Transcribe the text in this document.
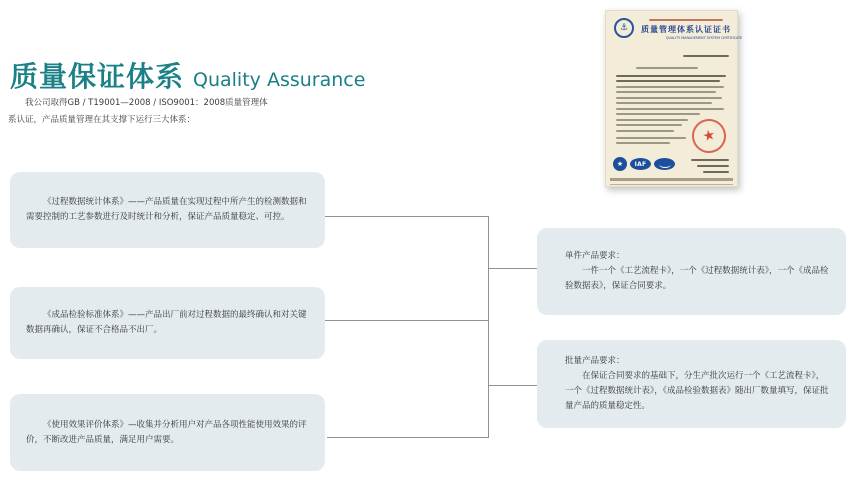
质量保证体系 Quality Assurance

我公司取得GB / T19001—2008 / ISO9001：2008质量管理体系认证，产品质量管理在其支撑下运行三大体系：

⚓	质量管理体系认证证书
QUALITY MANAGEMENT SYSTEM CERTIFICATE
★
★	IAF

《过程数据统计体系》——产品质量在实现过程中所产生的检测数据和需要控制的工艺参数进行及时统计和分析，保证产品质量稳定、可控。

《成品检验标准体系》——产品出厂前对过程数据的最终确认和对关键数据再确认，保证不合格品不出厂。

《使用效果评价体系》—收集并分析用户对产品各项性能使用效果的评价，不断改进产品质量，满足用户需要。

单件产品要求：

一件一个《工艺流程卡》，一个《过程数据统计表》，一个《成品检验数据表》，保证合同要求。

批量产品要求：

在保证合同要求的基础下，分生产批次运行一个《工艺流程卡》， 一个《过程数据统计表》，《成品检验数据表》随出厂数量填写，保证批量产品的质量稳定性。
